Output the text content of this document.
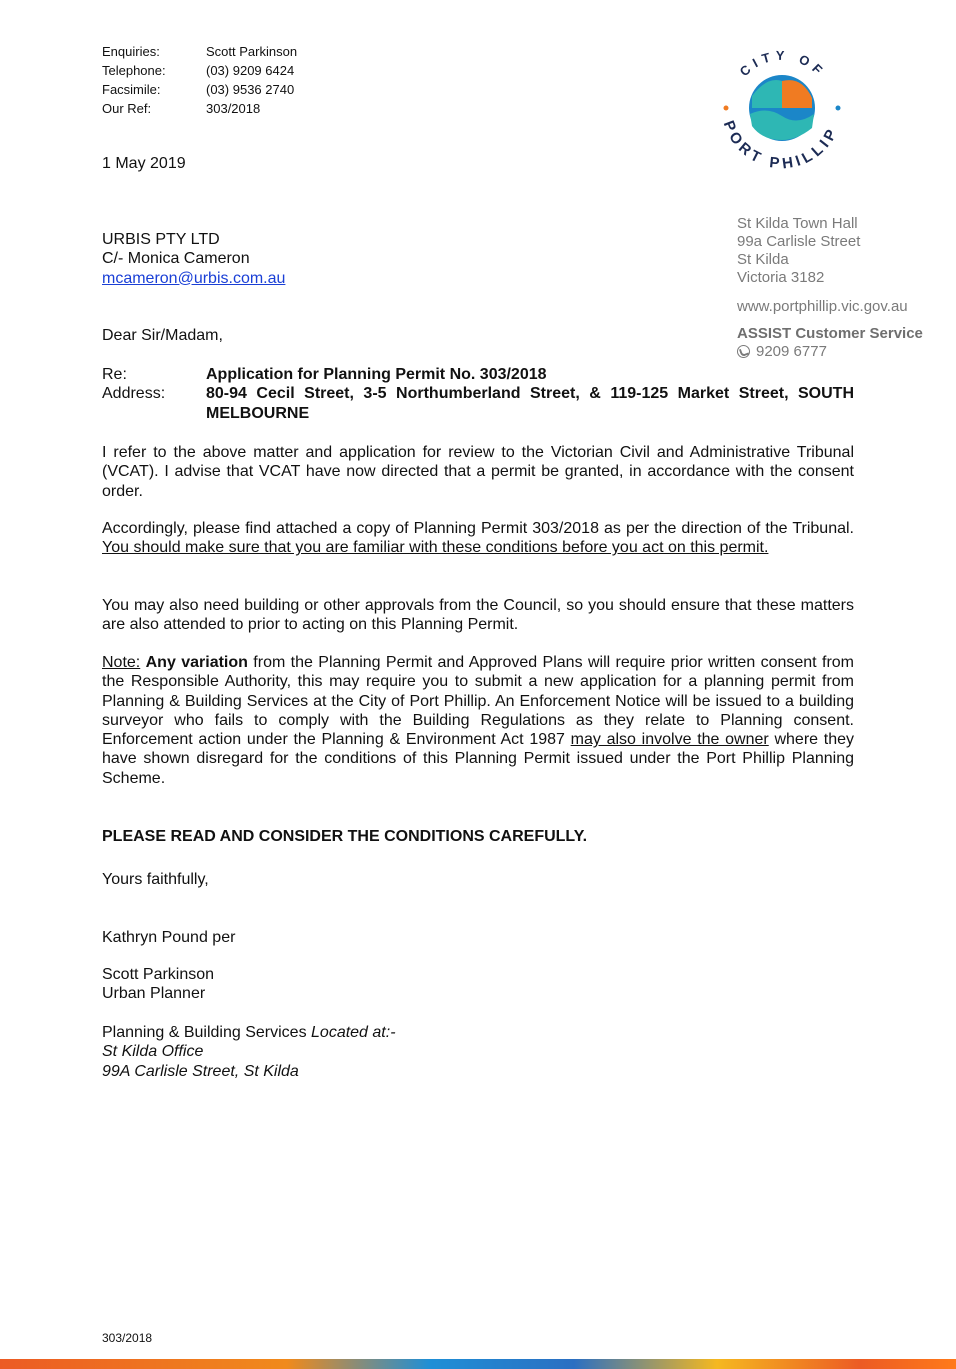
Enquiries:	Scott Parkinson
Telephone:	(03) 9209 6424
Facsimile:	(03) 9536 2740
Our Ref:	303/2018
1 May 2019
CITY OF
PORT PHILLIP
St Kilda Town Hall
99a Carlisle Street
St Kilda
Victoria 3182
www.portphillip.vic.gov.au
ASSIST Customer Service
9209 6777
URBIS PTY LTD
C/- Monica Cameron
mcameron@urbis.com.au
Dear Sir/Madam,
Re:	Application for Planning Permit No. 303/2018
Address:	80-94 Cecil Street, 3-5 Northumberland Street, & 119-125 Market Street, SOUTH MELBOURNE
I refer to the above matter and application for review to the Victorian Civil and Administrative Tribunal (VCAT). I advise that VCAT have now directed that a permit be granted, in accordance with the consent order.
Accordingly, please find attached a copy of Planning Permit 303/2018 as per the direction of the Tribunal. You should make sure that you are familiar with these conditions before you act on this permit.
You may also need building or other approvals from the Council, so you should ensure that these matters are also attended to prior to acting on this Planning Permit.
Note: Any variation from the Planning Permit and Approved Plans will require prior written consent from the Responsible Authority, this may require you to submit a new application for a planning permit from Planning & Building Services at the City of Port Phillip. An Enforcement Notice will be issued to a building surveyor who fails to comply with the Building Regulations as they relate to Planning consent. Enforcement action under the Planning & Environment Act 1987 may also involve the owner where they have shown disregard for the conditions of this Planning Permit issued under the Port Phillip Planning Scheme.
PLEASE READ AND CONSIDER THE CONDITIONS CAREFULLY.
Yours faithfully,
Kathryn Pound per
Scott Parkinson
Urban Planner
Planning & Building Services Located at:-
St Kilda Office
99A Carlisle Street, St Kilda
303/2018
